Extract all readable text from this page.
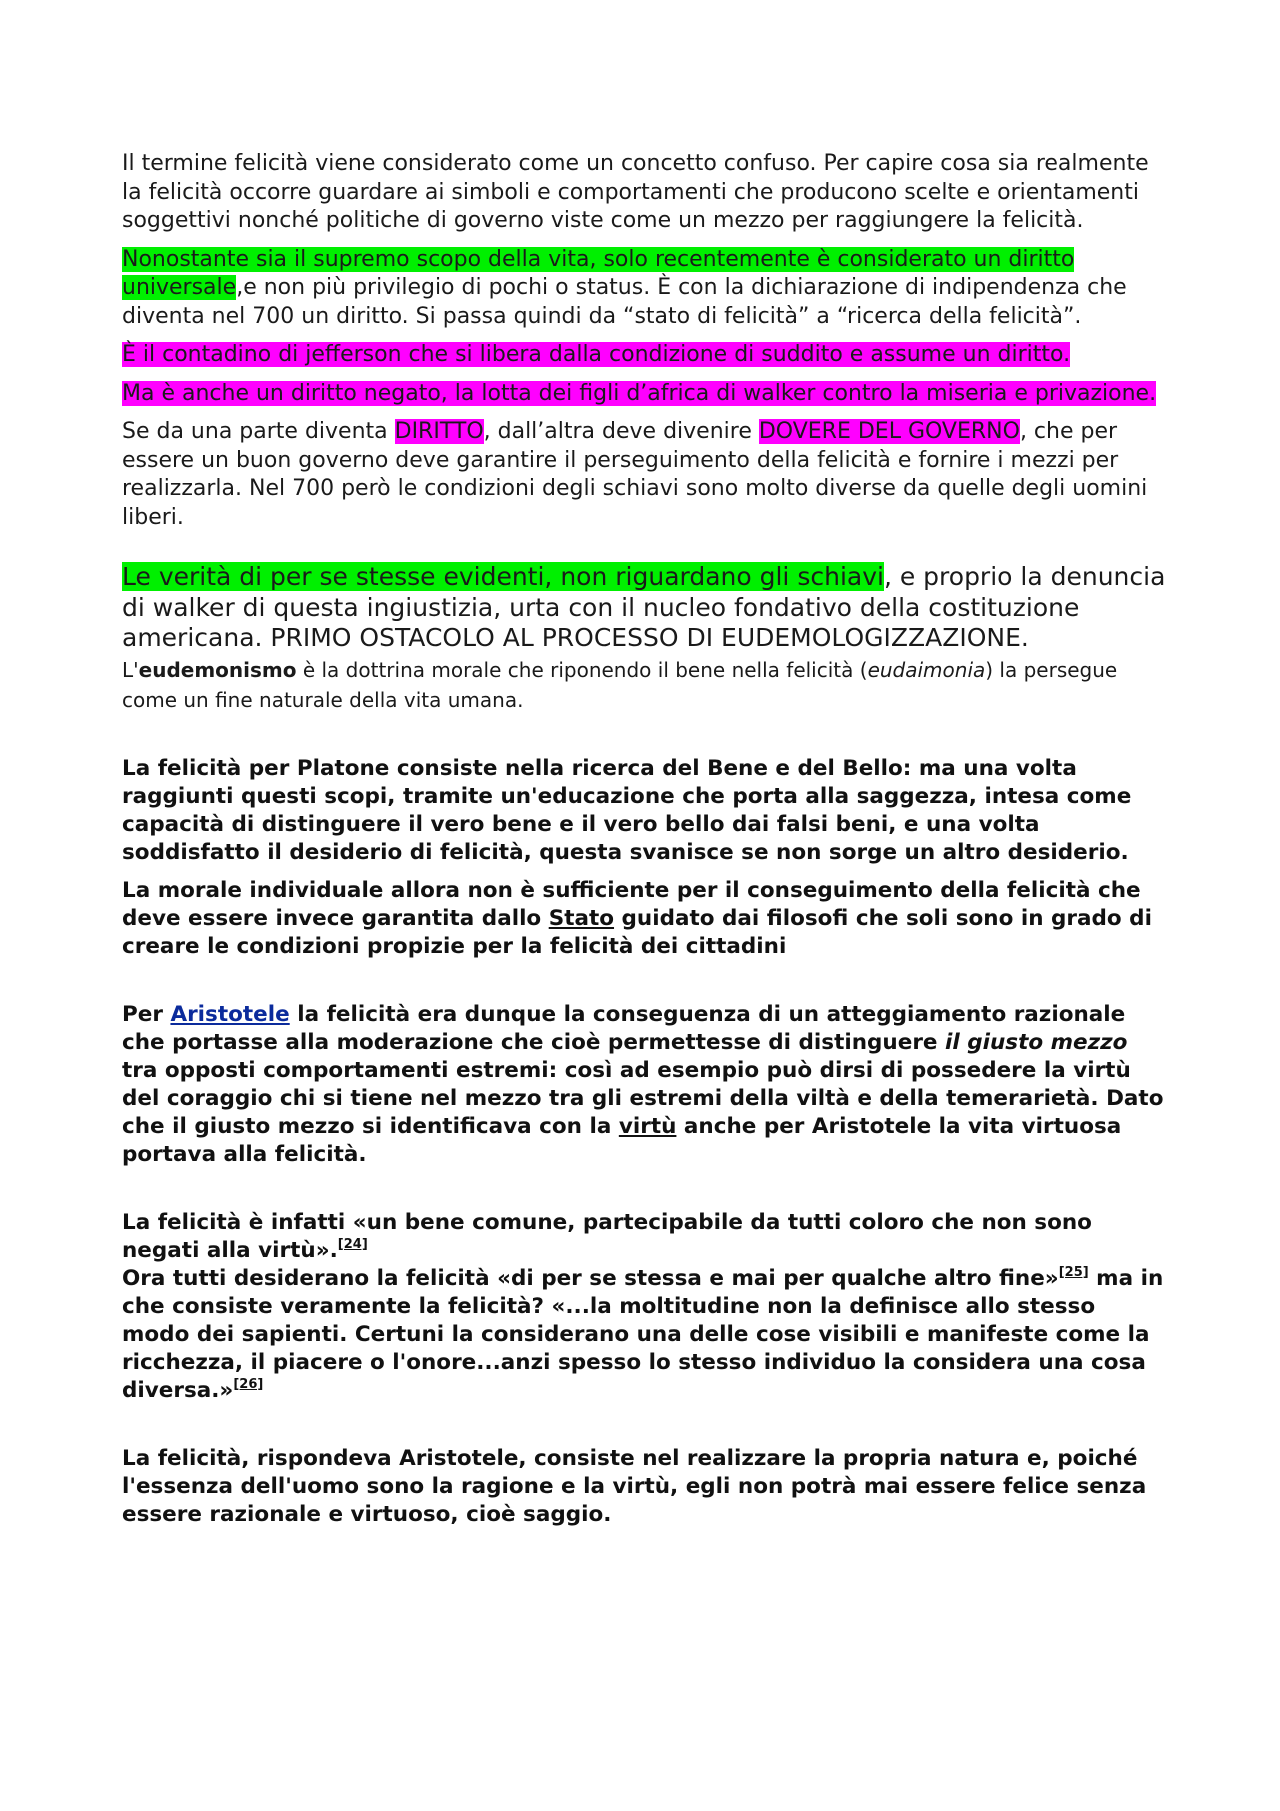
Il termine felicità viene considerato come un concetto confuso. Per capire cosa sia realmente la felicità occorre guardare ai simboli e comportamenti che producono scelte e orientamenti soggettivi nonché politiche di governo viste come un mezzo per raggiungere la felicità.

Nonostante sia il supremo scopo della vita, solo recentemente è considerato un diritto universale,e non più privilegio di pochi o status. È con la dichiarazione di indipendenza che diventa nel 700 un diritto. Si passa quindi da “stato di felicità” a “ricerca della felicità”.

È il contadino di jefferson che si libera dalla condizione di suddito e assume un diritto.

Ma è anche un diritto negato, la lotta dei figli d’africa di walker contro la miseria e privazione.

Se da una parte diventa DIRITTO, dall’altra deve divenire DOVERE DEL GOVERNO, che per essere un buon governo deve garantire il perseguimento della felicità e fornire i mezzi per realizzarla. Nel 700 però le condizioni degli schiavi sono molto diverse da quelle degli uomini liberi.

Le verità di per se stesse evidenti, non riguardano gli schiavi, e proprio la denuncia di walker di questa ingiustizia, urta con il nucleo fondativo della costituzione americana. PRIMO OSTACOLO AL PROCESSO DI EUDEMOLOGIZZAZIONE. L'eudemonismo è la dottrina morale che riponendo il bene nella felicità (eudaimonia) la persegue come un fine naturale della vita umana.

La felicità per Platone consiste nella ricerca del Bene e del Bello: ma una volta raggiunti questi scopi, tramite un'educazione che porta alla saggezza, intesa come capacità di distinguere il vero bene e il vero bello dai falsi beni, e una volta soddisfatto il desiderio di felicità, questa svanisce se non sorge un altro desiderio.

La morale individuale allora non è sufficiente per il conseguimento della felicità che deve essere invece garantita dallo Stato guidato dai filosofi che soli sono in grado di creare le condizioni propizie per la felicità dei cittadini

Per Aristotele la felicità era dunque la conseguenza di un atteggiamento razionale che portasse alla moderazione che cioè permettesse di distinguere il giusto mezzo tra opposti comportamenti estremi: così ad esempio può dirsi di possedere la virtù del coraggio chi si tiene nel mezzo tra gli estremi della viltà e della temerarietà. Dato che il giusto mezzo si identificava con la virtù anche per Aristotele la vita virtuosa portava alla felicità.

La felicità è infatti «un bene comune, partecipabile da tutti coloro che non sono negati alla virtù».[24]
Ora tutti desiderano la felicità «di per se stessa e mai per qualche altro fine»[25] ma in che consiste veramente la felicità? «...la moltitudine non la definisce allo stesso modo dei sapienti. Certuni la considerano una delle cose visibili e manifeste come la ricchezza, il piacere o l'onore...anzi spesso lo stesso individuo la considera una cosa diversa.»[26]

La felicità, rispondeva Aristotele, consiste nel realizzare la propria natura e, poiché l'essenza dell'uomo sono la ragione e la virtù, egli non potrà mai essere felice senza essere razionale e virtuoso, cioè saggio.
